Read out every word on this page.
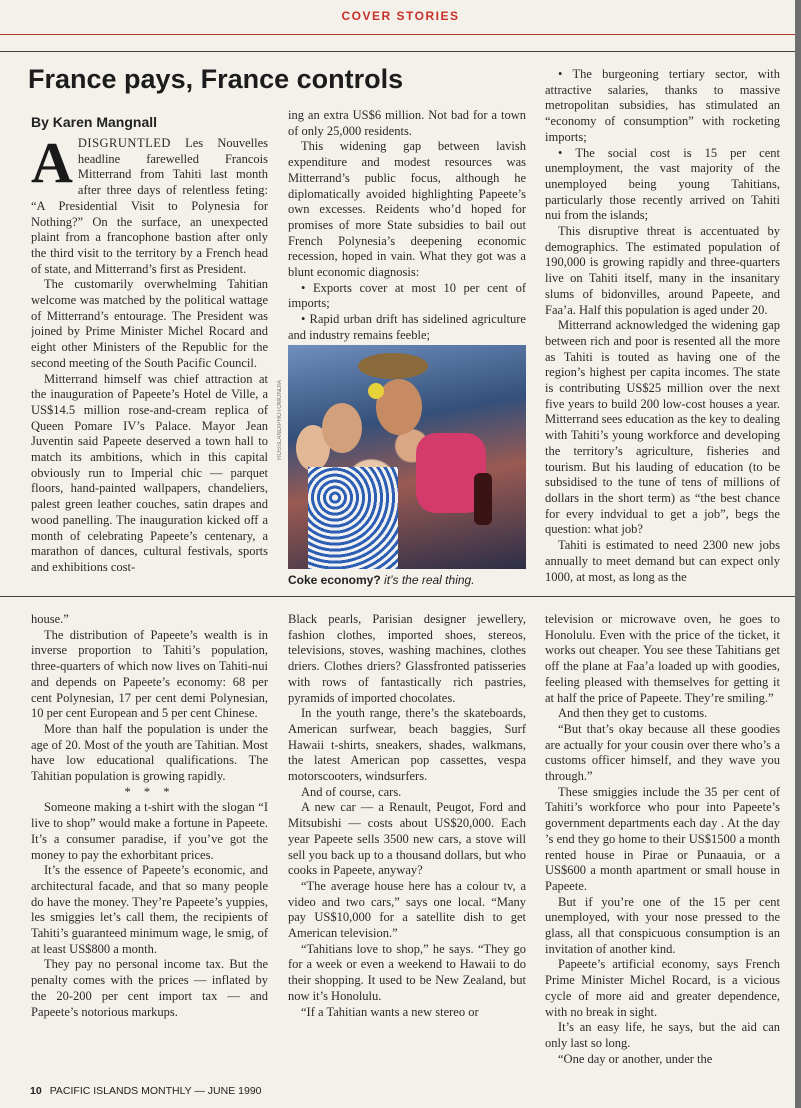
COVER STORIES
France pays, France controls
By Karen Mangnall

ADISGRUNTLED Les Nouvelles headline farewelled Francois Mitterrand from Tahiti last month after three days of relentless feting: “A Presidential Visit to Polynesia for Nothing?” On the surface, an unexpected plaint from a francophone bastion after only the third visit to the territory by a French head of state, and Mitterrand’s first as President.

The customarily overwhelming Tahitian welcome was matched by the political wattage of Mitterrand’s entourage. The President was joined by Prime Minister Michel Rocard and eight other Ministers of the Republic for the second meeting of the South Pacific Council.

Mitterrand himself was chief attraction at the inauguration of Papeete’s Hotel de Ville, a US$14.5 million rose-and-cream replica of Queen Pomare IV’s Palace. Mayor Jean Juventin said Papeete deserved a town hall to match its ambitions, which in this capital obviously run to Imperial chic — parquet floors, hand-painted wallpapers, chandeliers, palest green leather couches, satin drapes and wood panelling. The inauguration kicked off a month of celebrating Papeete’s centenary, a marathon of dances, cultural festivals, sports and exhibitions cost-

ing an extra US$6 million. Not bad for a town of only 25,000 residents.

This widening gap between lavish expenditure and modest resources was Mitterrand’s public focus, although he diplomatically avoided highlighting Papeete’s own excesses. Reidents who’d hoped for promises of more State subsidies to bail out French Polynesia’s deepening economic recession, hoped in vain. What they got was a blunt economic diagnosis:

• Exports cover at most 10 per cent of imports;

• Rapid urban drift has sidelined agriculture and industry remains feeble;

ROSSLAND/PHOTOMONDIA
Coke economy? it’s the real thing.

• The burgeoning tertiary sector, with attractive salaries, thanks to massive metropolitan subsidies, has stimulated an “economy of consumption” with rocketing imports;

• The social cost is 15 per cent unemployment, the vast majority of the unemployed being young Tahitians, particularly those recently arrived on Tahiti nui from the islands;

This disruptive threat is accentuated by demographics. The estimated population of 190,000 is growing rapidly and three-quarters live on Tahiti itself, many in the insanitary slums of bidonvilles, around Papeete, and Faa’a. Half this population is aged under 20.

Mitterrand acknowledged the widening gap between rich and poor is resented all the more as Tahiti is touted as having one of the region’s highest per capita incomes. The state is contributing US$25 million over the next five years to build 200 low-cost houses a year. Mitterrand sees education as the key to dealing with Tahiti’s young workforce and developing the territory’s agriculture, fisheries and tourism. But his lauding of education (to be subsidised to the tune of tens of millions of dollars in the short term) as “the best chance for every indvidual to get a job”, begs the question: what job?

Tahiti is estimated to need 2300 new jobs annually to meet demand but can expect only 1000, at most, as long as the

house.”

The distribution of Papeete’s wealth is in inverse proportion to Tahiti’s population, three-quarters of which now lives on Tahiti-nui and depends on Papeete’s economy: 68 per cent Polynesian, 17 per cent demi Polynesian, 10 per cent European and 5 per cent Chinese.

More than half the population is under the age of 20. Most of the youth are Tahitian. Most have low educational qualifications. The Tahitian population is growing rapidly.

* * *

Someone making a t-shirt with the slogan “I live to shop” would make a fortune in Papeete. It’s a consumer paradise, if you’ve got the money to pay the exhorbitant prices.

It’s the essence of Papeete’s economic, and architectural facade, and that so many people do have the money. They’re Papeete’s yuppies, les smiggies let’s call them, the recipients of Tahiti’s guaranteed minimum wage, le smig, of at least US$800 a month.

They pay no personal income tax. But the penalty comes with the prices — inflated by the 20-200 per cent import tax — and Papeete’s notorious markups.

Black pearls, Parisian designer jewellery, fashion clothes, imported shoes, stereos, televisions, stoves, washing machines, clothes driers. Clothes driers? Glassfronted patisseries with rows of fantastically rich pastries, pyramids of imported chocolates.

In the youth range, there’s the skateboards, American surfwear, beach baggies, Surf Hawaii t-shirts, sneakers, shades, walkmans, the latest American pop cassettes, vespa motorscooters, windsurfers.

And of course, cars.

A new car — a Renault, Peugot, Ford and Mitsubishi — costs about US$20,000. Each year Papeete sells 3500 new cars, a stove will sell you back up to a thousand dollars, but who cooks in Papeete, anyway?

“The average house here has a colour tv, a video and two cars,” says one local. “Many pay US$10,000 for a satellite dish to get American television.”

“Tahitians love to shop,” he says. “They go for a week or even a weekend to Hawaii to do their shopping. It used to be New Zealand, but now it’s Honolulu.

“If a Tahitian wants a new stereo or

television or microwave oven, he goes to Honolulu. Even with the price of the ticket, it works out cheaper. You see these Tahitians get off the plane at Faa’a loaded up with goodies, feeling pleased with themselves for getting it at half the price of Papeete. They’re smiling.”

And then they get to customs.

“But that’s okay because all these goodies are actually for your cousin over there who’s a customs officer himself, and they wave you through.”

These smiggies include the 35 per cent of Tahiti’s workforce who pour into Papeete’s government departments each day . At the day ’s end they go home to their US$1500 a month rented house in Pirae or Punaauia, or a US$600 a month apartment or small house in Papeete.

But if you’re one of the 15 per cent unemployed, with your nose pressed to the glass, all that conspicuous consumption is an invitation of another kind.

Papeete’s artificial economy, says French Prime Minister Michel Rocard, is a vicious cycle of more aid and greater dependence, with no break in sight.

It’s an easy life, he says, but the aid can only last so long.

“One day or another, under the

10 PACIFIC ISLANDS MONTHLY — JUNE 1990
